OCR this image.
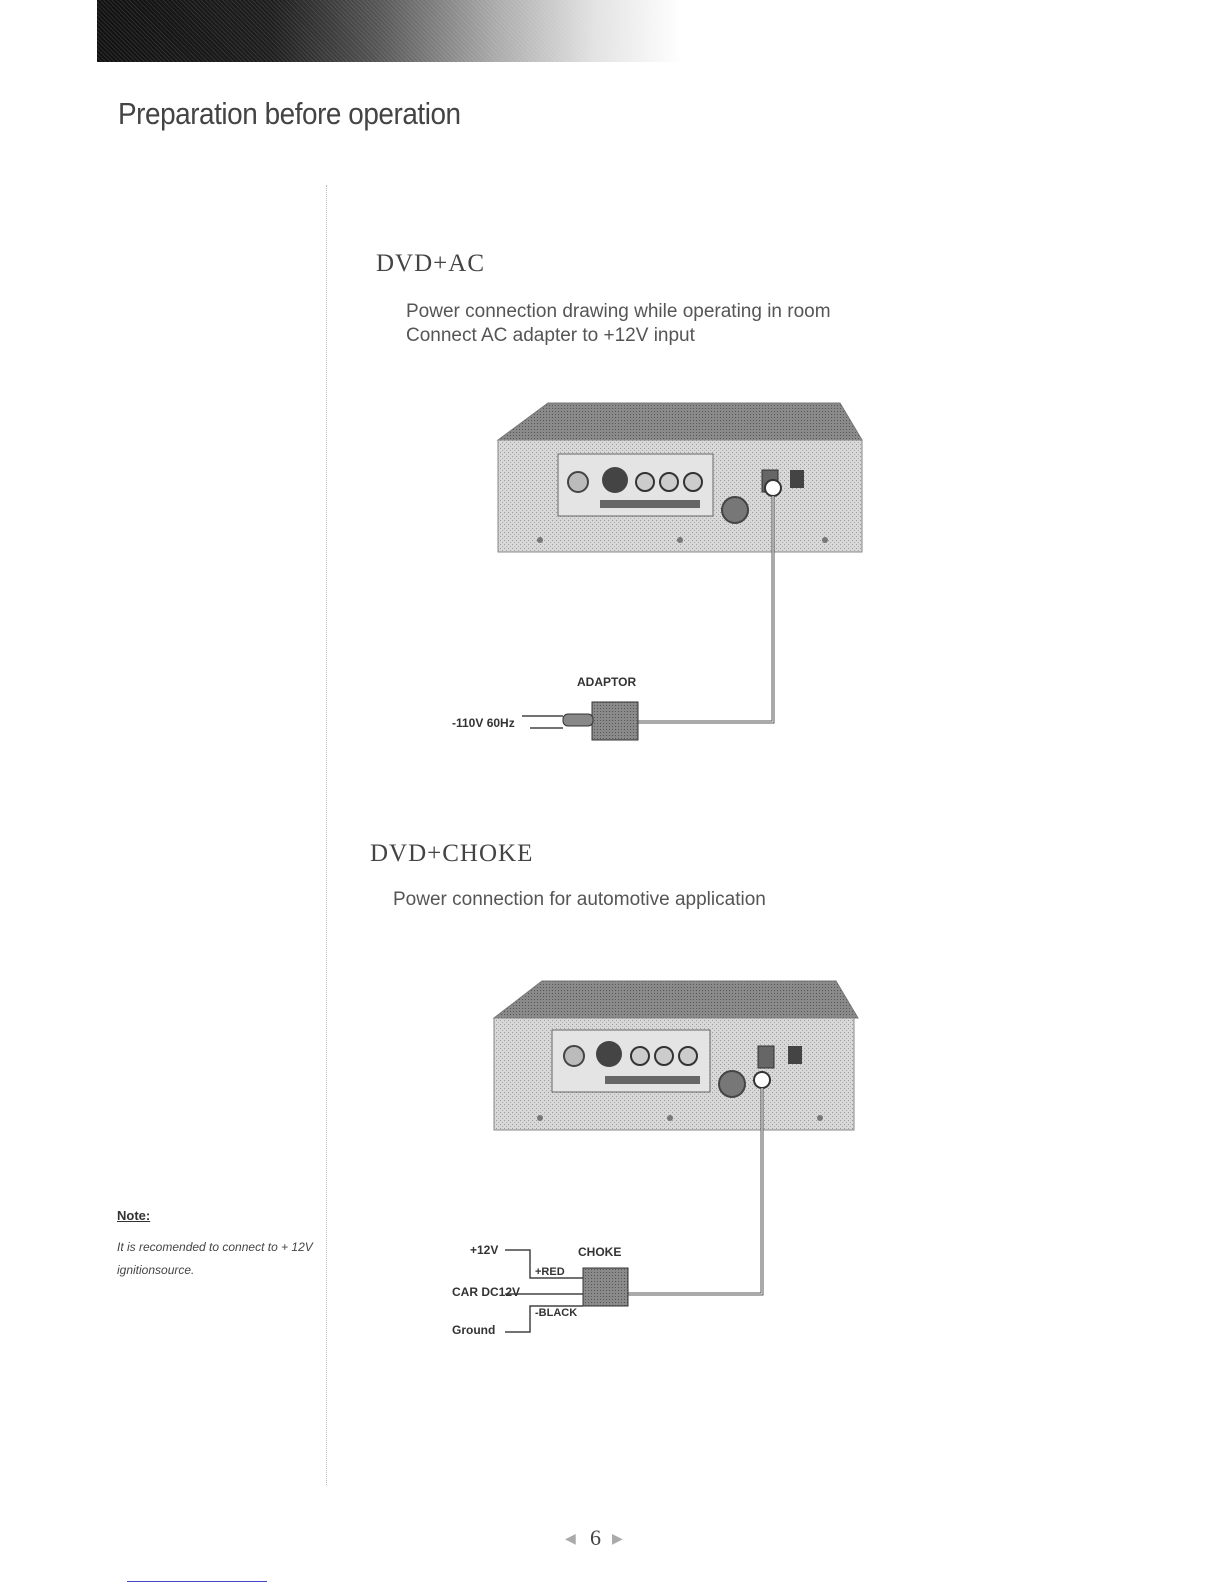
Preparation before operation
DVD+AC
Power connection drawing while operating in room
Connect AC adapter to +12V input
DVD+CHOKE
Power connection for automotive application
Note:
It is recomended to connect to + 12V ignitionsource.
ADAPTOR
-110V 60Hz
CHOKE
+12V
+RED
CAR DC12V
-BLACK
Ground
◀ 6 ▶
